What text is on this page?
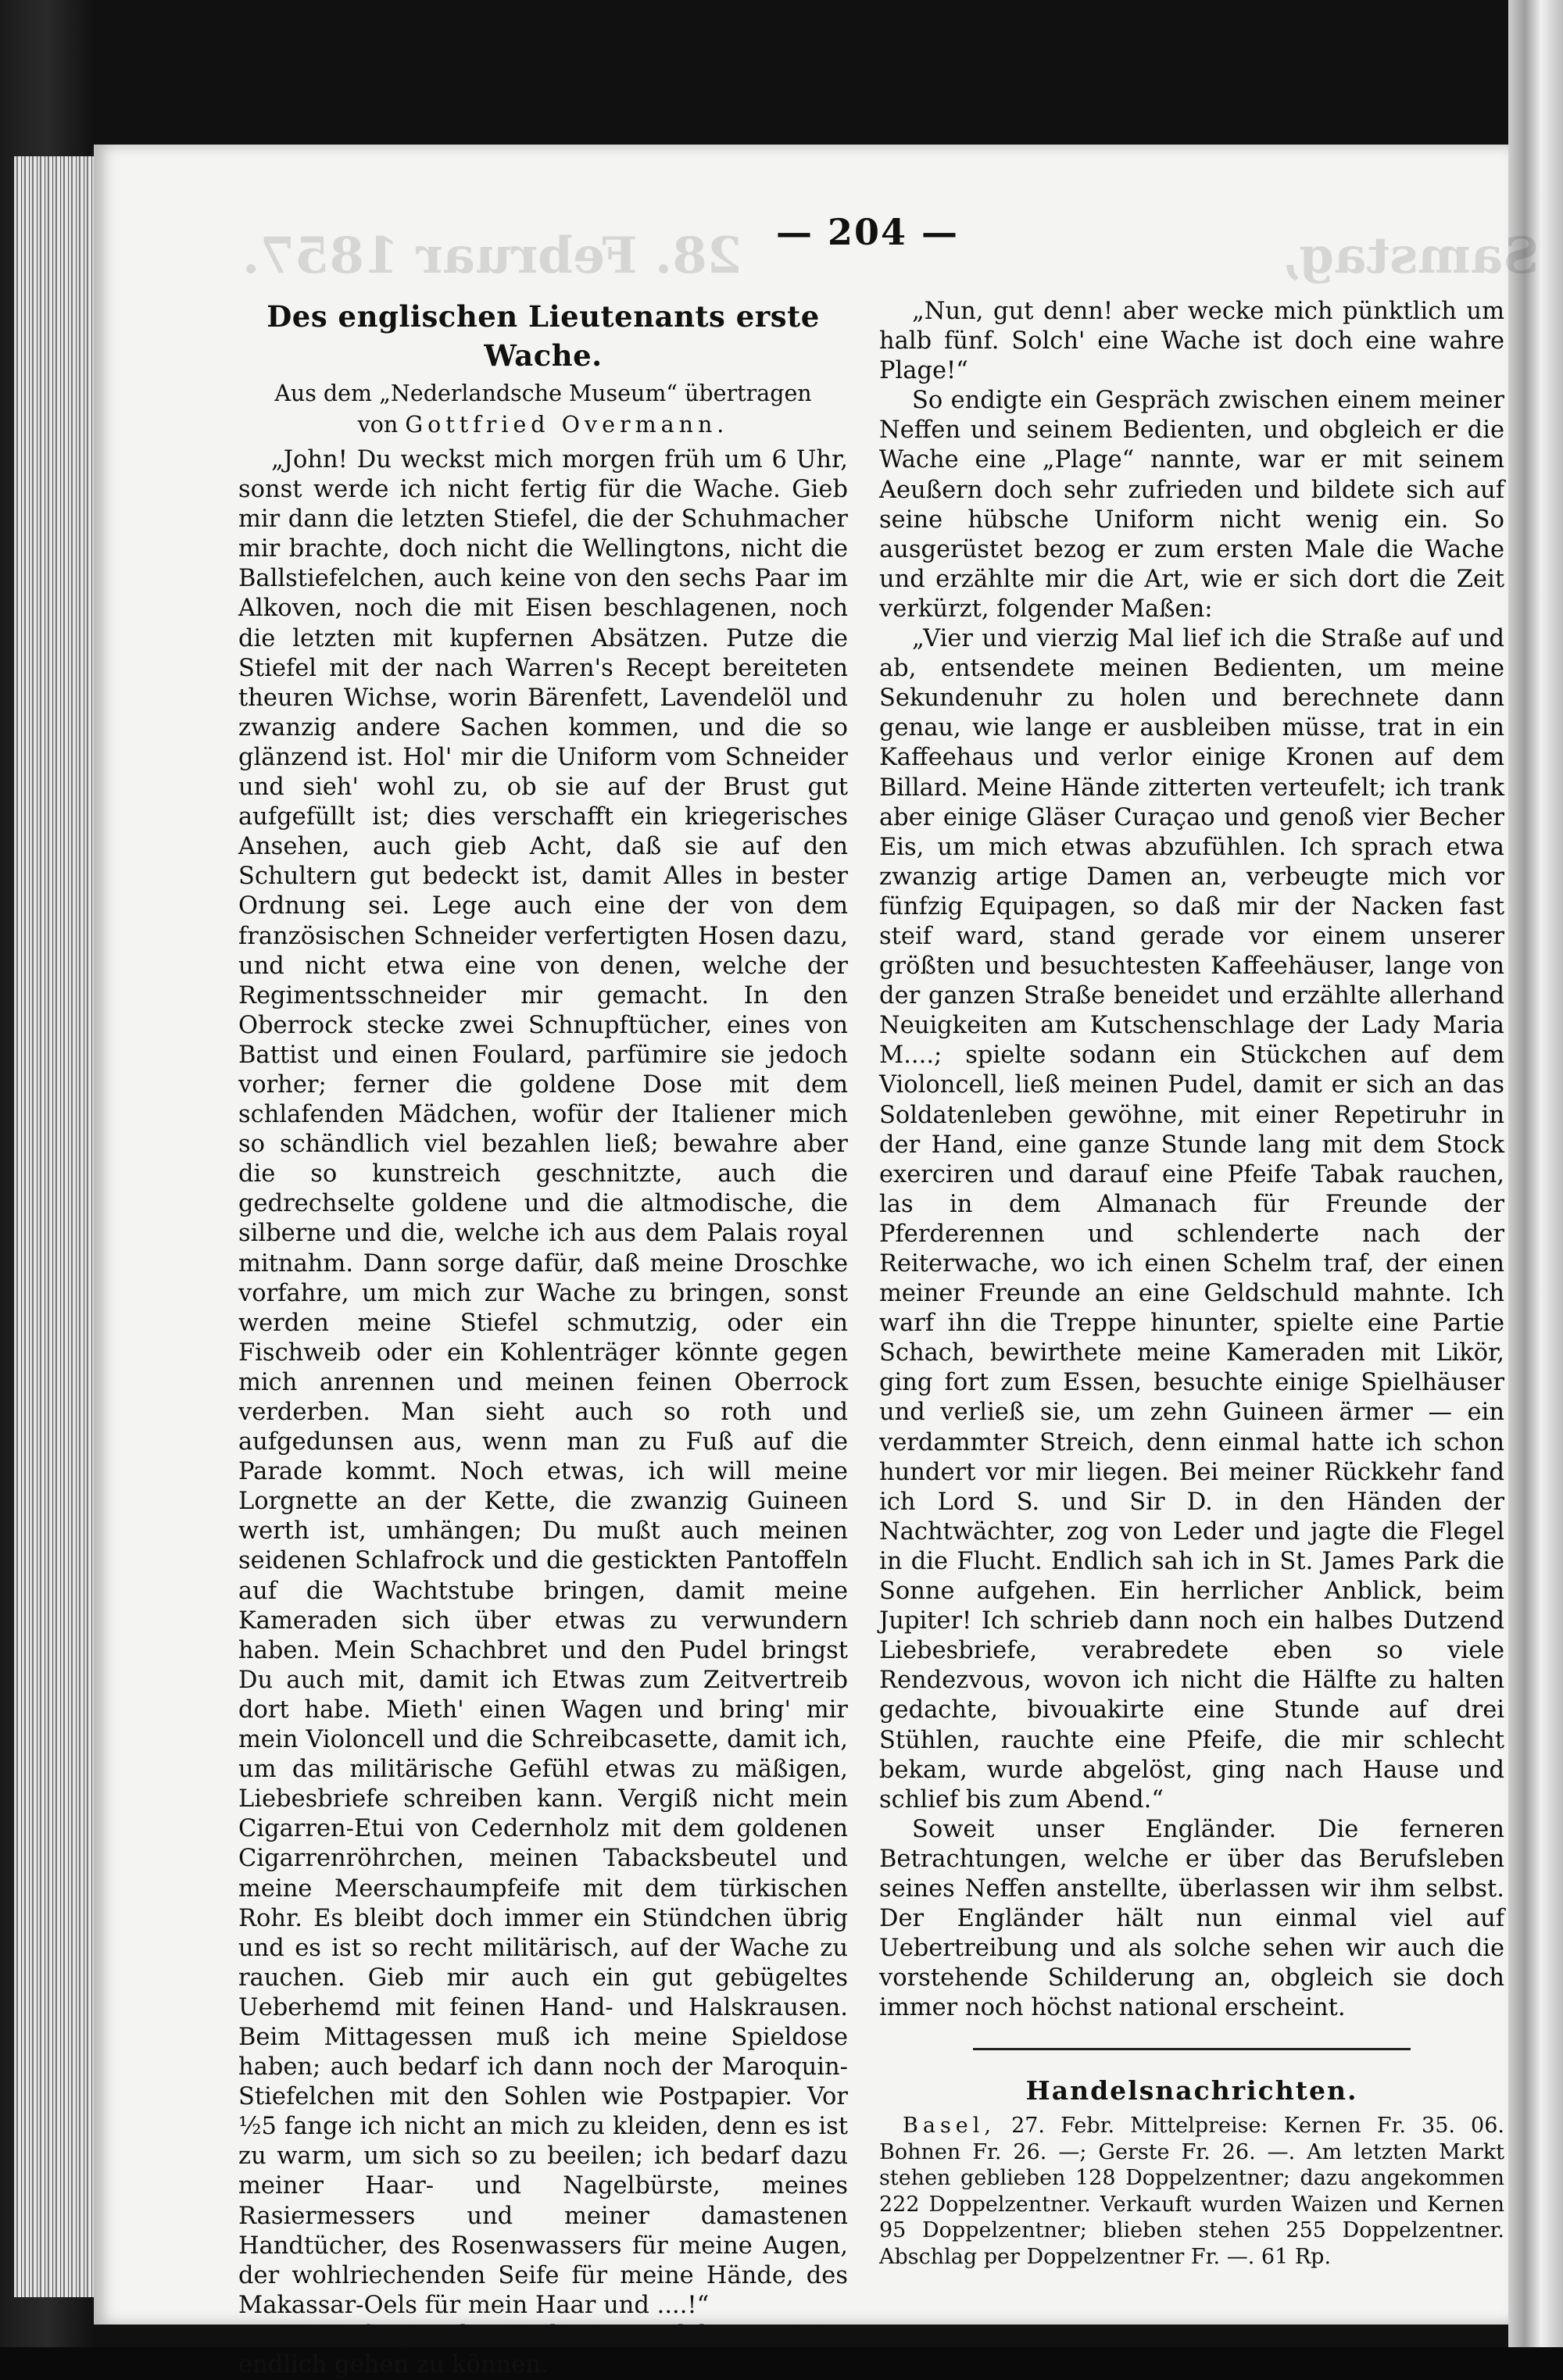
28. Februar 1857.	Samstag,
— 204 —
Des englischen Lieutenants erste Wache.
Aus dem „Nederlandsche Museum“ übertragen
von Gottfried Overmann.

„John! Du weckst mich morgen früh um 6 Uhr, sonst werde ich nicht fertig für die Wache. Gieb mir dann die letzten Stiefel, die der Schuhmacher mir brachte, doch nicht die Wellingtons, nicht die Ballstiefelchen, auch keine von den sechs Paar im Alkoven, noch die mit Eisen beschlagenen, noch die letzten mit kupfernen Absätzen. Putze die Stiefel mit der nach Warren's Recept bereiteten theuren Wichse, worin Bärenfett, Lavendelöl und zwanzig andere Sachen kommen, und die so glänzend ist. Hol' mir die Uniform vom Schneider und sieh' wohl zu, ob sie auf der Brust gut aufgefüllt ist; dies verschafft ein kriegerisches Ansehen, auch gieb Acht, daß sie auf den Schultern gut bedeckt ist, damit Alles in bester Ordnung sei. Lege auch eine der von dem französischen Schneider verfertigten Hosen dazu, und nicht etwa eine von denen, welche der Regimentsschneider mir gemacht. In den Oberrock stecke zwei Schnupftücher, eines von Battist und einen Foulard, parfümire sie jedoch vorher; ferner die goldene Dose mit dem schlafenden Mädchen, wofür der Italiener mich so schändlich viel bezahlen ließ; bewahre aber die so kunstreich geschnitzte, auch die gedrechselte goldene und die altmodische, die silberne und die, welche ich aus dem Palais royal mitnahm. Dann sorge dafür, daß meine Droschke vorfahre, um mich zur Wache zu bringen, sonst werden meine Stiefel schmutzig, oder ein Fischweib oder ein Kohlenträger könnte gegen mich anrennen und meinen feinen Oberrock verderben. Man sieht auch so roth und aufgedunsen aus, wenn man zu Fuß auf die Parade kommt. Noch etwas, ich will meine Lorgnette an der Kette, die zwanzig Guineen werth ist, umhängen; Du mußt auch meinen seidenen Schlafrock und die gestickten Pantoffeln auf die Wachtstube bringen, damit meine Kameraden sich über etwas zu verwundern haben. Mein Schachbret und den Pudel bringst Du auch mit, damit ich Etwas zum Zeitvertreib dort habe. Mieth' einen Wagen und bring' mir mein Violoncell und die Schreibcasette, damit ich, um das militärische Gefühl etwas zu mäßigen, Liebesbriefe schreiben kann. Vergiß nicht mein Cigarren-Etui von Cedernholz mit dem goldenen Cigarrenröhrchen, meinen Tabacksbeutel und meine Meerschaumpfeife mit dem türkischen Rohr. Es bleibt doch immer ein Stündchen übrig und es ist so recht militärisch, auf der Wache zu rauchen. Gieb mir auch ein gut gebügeltes Ueberhemd mit feinen Hand- und Halskrausen. Beim Mittagessen muß ich meine Spieldose haben; auch bedarf ich dann noch der Maroquin-Stiefelchen mit den Sohlen wie Postpapier. Vor ½5 fange ich nicht an mich zu kleiden, denn es ist zu warm, um sich so zu beeilen; ich bedarf dazu meiner Haar- und Nagelbürste, meines Rasiermessers und meiner damastenen Handtücher, des Rosenwassers für meine Augen, der wohlriechenden Seife für meine Hände, des Makassar-Oels für mein Haar und ....!“

„Sir?“ fragte der Bediente, welcher meinte, endlich gehen zu können.

„Nun, gut denn! aber wecke mich pünktlich um halb fünf. Solch' eine Wache ist doch eine wahre Plage!“

So endigte ein Gespräch zwischen einem meiner Neffen und seinem Bedienten, und obgleich er die Wache eine „Plage“ nannte, war er mit seinem Aeußern doch sehr zufrieden und bildete sich auf seine hübsche Uniform nicht wenig ein. So ausgerüstet bezog er zum ersten Male die Wache und erzählte mir die Art, wie er sich dort die Zeit verkürzt, folgender Maßen:

„Vier und vierzig Mal lief ich die Straße auf und ab, entsendete meinen Bedienten, um meine Sekundenuhr zu holen und berechnete dann genau, wie lange er ausbleiben müsse, trat in ein Kaffeehaus und verlor einige Kronen auf dem Billard. Meine Hände zitterten verteufelt; ich trank aber einige Gläser Curaçao und genoß vier Becher Eis, um mich etwas abzufühlen. Ich sprach etwa zwanzig artige Damen an, verbeugte mich vor fünfzig Equipagen, so daß mir der Nacken fast steif ward, stand gerade vor einem unserer größten und besuchtesten Kaffeehäuser, lange von der ganzen Straße beneidet und erzählte allerhand Neuigkeiten am Kutschenschlage der Lady Maria M....; spielte sodann ein Stückchen auf dem Violoncell, ließ meinen Pudel, damit er sich an das Soldatenleben gewöhne, mit einer Repetiruhr in der Hand, eine ganze Stunde lang mit dem Stock exerciren und darauf eine Pfeife Tabak rauchen, las in dem Almanach für Freunde der Pferderennen und schlenderte nach der Reiterwache, wo ich einen Schelm traf, der einen meiner Freunde an eine Geldschuld mahnte. Ich warf ihn die Treppe hinunter, spielte eine Partie Schach, bewirthete meine Kameraden mit Likör, ging fort zum Essen, besuchte einige Spielhäuser und verließ sie, um zehn Guineen ärmer — ein verdammter Streich, denn einmal hatte ich schon hundert vor mir liegen. Bei meiner Rückkehr fand ich Lord S. und Sir D. in den Händen der Nachtwächter, zog von Leder und jagte die Flegel in die Flucht. Endlich sah ich in St. James Park die Sonne aufgehen. Ein herrlicher Anblick, beim Jupiter! Ich schrieb dann noch ein halbes Dutzend Liebesbriefe, verabredete eben so viele Rendezvous, wovon ich nicht die Hälfte zu halten gedachte, bivouakirte eine Stunde auf drei Stühlen, rauchte eine Pfeife, die mir schlecht bekam, wurde abgelöst, ging nach Hause und schlief bis zum Abend.“

Soweit unser Engländer. Die ferneren Betrachtungen, welche er über das Berufsleben seines Neffen anstellte, überlassen wir ihm selbst. Der Engländer hält nun einmal viel auf Uebertreibung und als solche sehen wir auch die vorstehende Schilderung an, obgleich sie doch immer noch höchst national erscheint.

Handelsnachrichten.

Basel, 27. Febr. Mittelpreise: Kernen Fr. 35. 06. Bohnen Fr. 26. —; Gerste Fr. 26. —. Am letzten Markt stehen geblieben 128 Doppelzentner; dazu angekommen 222 Doppelzentner. Verkauft wurden Waizen und Kernen 95 Doppelzentner; blieben stehen 255 Doppelzentner. Abschlag per Doppelzentner Fr. —. 61 Rp.
